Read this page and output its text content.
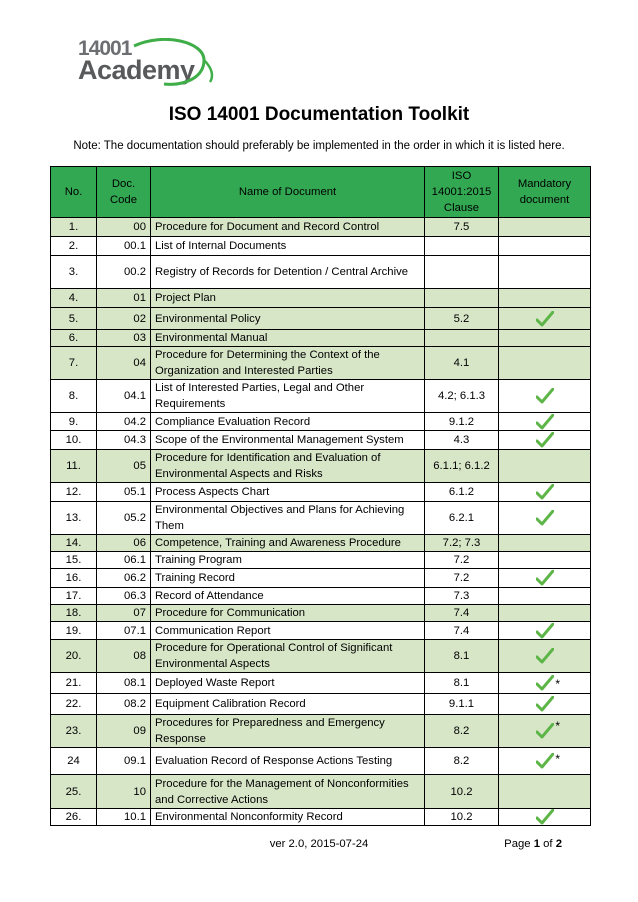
14001
Academy
ISO 14001 Documentation Toolkit
Note: The documentation should preferably be implemented in the order in which it is listed here.
No.	Doc. Code	Name of Document	ISO 14001:2015 Clause	Mandatory document
1.	00	Procedure for Document and Record Control	7.5	
2.	00.1	List of Internal Documents		
3.	00.2	Registry of Records for Detention / Central Archive		
4.	01	Project Plan		
5.	02	Environmental Policy	5.2	

6.	03	Environmental Manual		
7.	04	Procedure for Determining the Context of the Organization and Interested Parties	4.1	
8.	04.1	List of Interested Parties, Legal and Other Requirements	4.2; 6.1.3	

9.	04.2	Compliance Evaluation Record	9.1.2	

10.	04.3	Scope of the Environmental Management System	4.3	

11.	05	Procedure for Identification and Evaluation of Environmental Aspects and Risks	6.1.1; 6.1.2	
12.	05.1	Process Aspects Chart	6.1.2	

13.	05.2	Environmental Objectives and Plans for Achieving Them	6.2.1	

14.	06	Competence, Training and Awareness Procedure	7.2; 7.3	
15.	06.1	Training Program	7.2	
16.	06.2	Training Record	7.2	

17.	06.3	Record of Attendance	7.3	
18.	07	Procedure for Communication	7.4	
19.	07.1	Communication Report	7.4	

20.	08	Procedure for Operational Control of Significant Environmental Aspects	8.1	

21.	08.1	Deployed Waste Report	8.1	*

22.	08.2	Equipment Calibration Record	9.1.1	

23.	09	Procedures for Preparedness and Emergency Response	8.2	*

24	09.1	Evaluation Record of Response Actions Testing	8.2	*

25.	10	Procedure for the Management of Nonconformities and Corrective Actions	10.2	
26.	10.1	Environmental Nonconformity Record	10.2	
ver 2.0, 2015-07-24	Page 1 of 2
